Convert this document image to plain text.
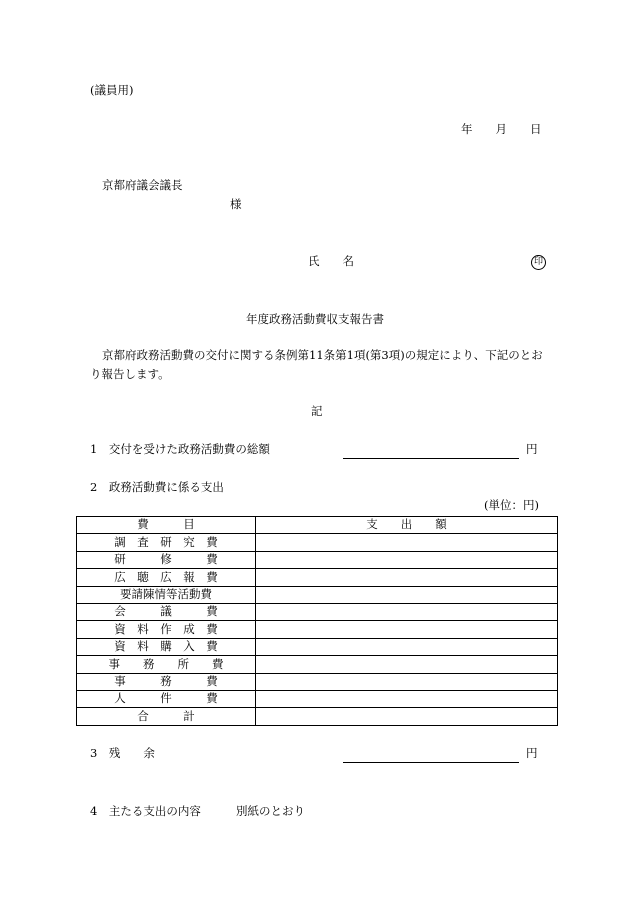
(議員用)
年　　月　　日
京都府議会議長
様
氏　　名	印
年度政務活動費収支報告書
京都府政務活動費の交付に関する条例第11条第1項(第3項)の規定により、下記のとお
り報告します。
記
1　交付を受けた政務活動費の総額	円
2　政務活動費に係る支出
(単位：円)
費　　　目	支　　出　　額
調　査　研　究　費	
研　　　修　　　費	
広　聴　広　報　費	
要請陳情等活動費	
会　　　議　　　費	
資　料　作　成　費	
資　料　購　入　費	
事　　務　　所　　費	
事　　　務　　　費	
人　　　件　　　費	
合　　　計	
3　残　　余	円
4　主たる支出の内容	別紙のとおり
